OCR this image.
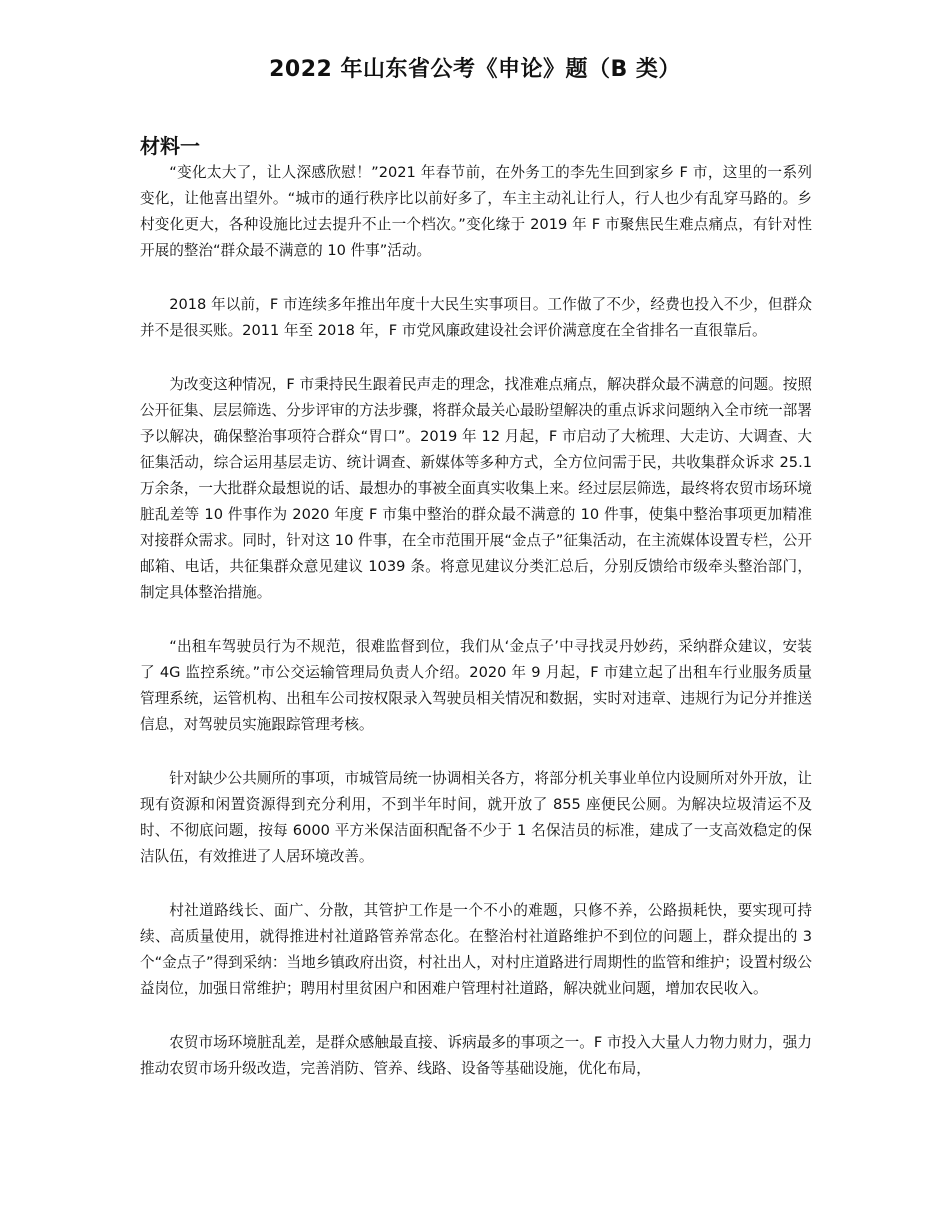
2022 年山东省公考《申论》题（B 类）
材料一

“变化太大了，让人深感欣慰！”2021 年春节前，在外务工的李先生回到家乡 F 市，这里的一系列变化，让他喜出望外。“城市的通行秩序比以前好多了，车主主动礼让行人，行人也少有乱穿马路的。乡村变化更大，各种设施比过去提升不止一个档次。”变化缘于 2019 年 F 市聚焦民生难点痛点，有针对性开展的整治“群众最不满意的 10 件事”活动。

2018 年以前，F 市连续多年推出年度十大民生实事项目。工作做了不少，经费也投入不少，但群众并不是很买账。2011 年至 2018 年，F 市党风廉政建设社会评价满意度在全省排名一直很靠后。

为改变这种情况，F 市秉持民生跟着民声走的理念，找准难点痛点，解决群众最不满意的问题。按照公开征集、层层筛选、分步评审的方法步骤，将群众最关心最盼望解决的重点诉求问题纳入全市统一部署予以解决，确保整治事项符合群众“胃口”。2019 年 12 月起，F 市启动了大梳理、大走访、大调查、大征集活动，综合运用基层走访、统计调查、新媒体等多种方式，全方位问需于民，共收集群众诉求 25.1 万余条，一大批群众最想说的话、最想办的事被全面真实收集上来。经过层层筛选，最终将农贸市场环境脏乱差等 10 件事作为 2020 年度 F 市集中整治的群众最不满意的 10 件事，使集中整治事项更加精准对接群众需求。同时，针对这 10 件事，在全市范围开展“金点子”征集活动，在主流媒体设置专栏，公开邮箱、电话，共征集群众意见建议 1039 条。将意见建议分类汇总后，分别反馈给市级牵头整治部门，制定具体整治措施。

“出租车驾驶员行为不规范，很难监督到位，我们从‘金点子’中寻找灵丹妙药，采纳群众建议，安装了 4G 监控系统。”市公交运输管理局负责人介绍。2020 年 9 月起，F 市建立起了出租车行业服务质量管理系统，运管机构、出租车公司按权限录入驾驶员相关情况和数据，实时对违章、违规行为记分并推送信息，对驾驶员实施跟踪管理考核。

针对缺少公共厕所的事项，市城管局统一协调相关各方，将部分机关事业单位内设厕所对外开放，让现有资源和闲置资源得到充分利用，不到半年时间，就开放了 855 座便民公厕。为解决垃圾清运不及时、不彻底问题，按每 6000 平方米保洁面积配备不少于 1 名保洁员的标准，建成了一支高效稳定的保洁队伍，有效推进了人居环境改善。

村社道路线长、面广、分散，其管护工作是一个不小的难题，只修不养，公路损耗快，要实现可持续、高质量使用，就得推进村社道路管养常态化。在整治村社道路维护不到位的问题上，群众提出的 3 个“金点子”得到采纳：当地乡镇政府出资，村社出人，对村庄道路进行周期性的监管和维护；设置村级公益岗位，加强日常维护；聘用村里贫困户和困难户管理村社道路，解决就业问题，增加农民收入。

农贸市场环境脏乱差，是群众感触最直接、诉病最多的事项之一。F 市投入大量人力物力财力，强力推动农贸市场升级改造，完善消防、管养、线路、设备等基础设施，优化布局，
